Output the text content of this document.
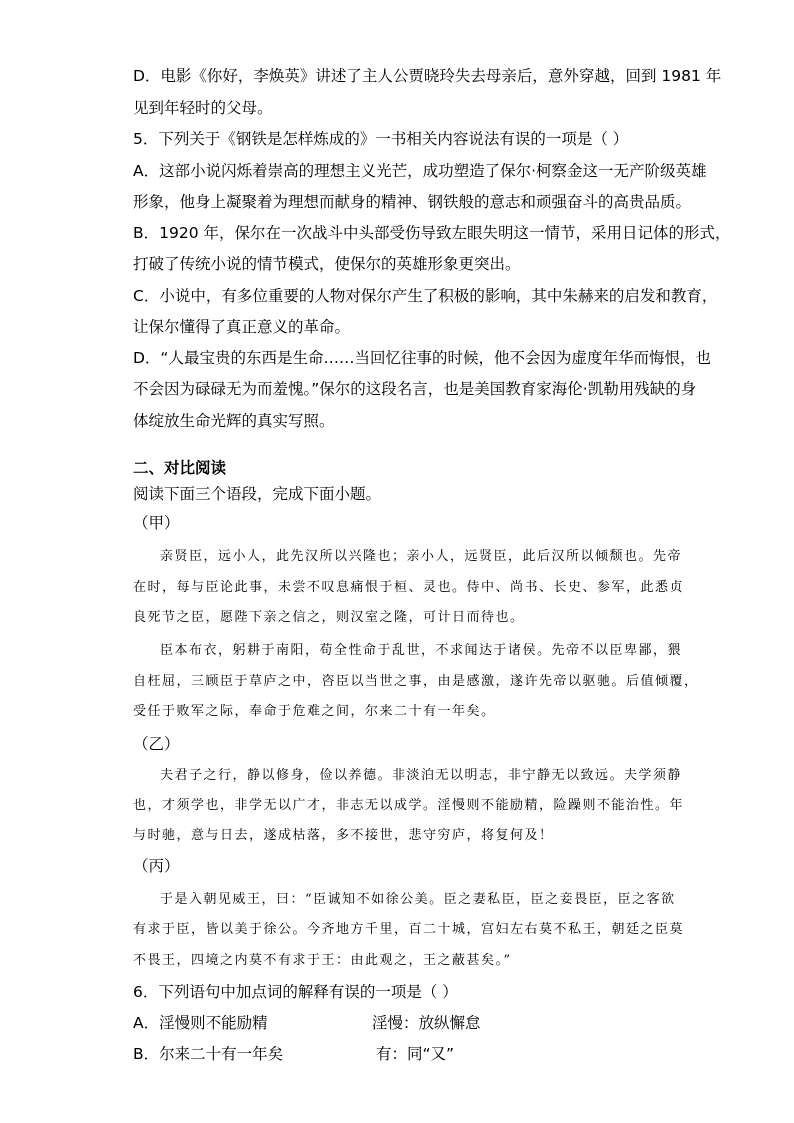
D．电影《你好，李焕英》讲述了主人公贾晓玲失去母亲后，意外穿越，回到 1981 年
见到年轻时的父母。
5．下列关于《钢铁是怎样炼成的》一书相关内容说法有误的一项是（ ）
A．这部小说闪烁着崇高的理想主义光芒，成功塑造了保尔·柯察金这一无产阶级英雄
形象，他身上凝聚着为理想而献身的精神、钢铁般的意志和顽强奋斗的高贵品质。
B．1920 年，保尔在一次战斗中头部受伤导致左眼失明这一情节，采用日记体的形式，
打破了传统小说的情节模式，使保尔的英雄形象更突出。
C．小说中，有多位重要的人物对保尔产生了积极的影响，其中朱赫来的启发和教育，
让保尔懂得了真正意义的革命。
D．“人最宝贵的东西是生命……当回忆往事的时候，他不会因为虚度年华而悔恨，也
不会因为碌碌无为而羞愧。”保尔的这段名言，也是美国教育家海伦·凯勒用残缺的身
体绽放生命光辉的真实写照。
二、对比阅读
阅读下面三个语段，完成下面小题。
（甲）
亲贤臣，远小人，此先汉所以兴隆也；亲小人，远贤臣，此后汉所以倾颓也。先帝
在时，每与臣论此事，未尝不叹息痛恨于桓、灵也。侍中、尚书、长史、参军，此悉贞
良死节之臣，愿陛下亲之信之，则汉室之隆，可计日而待也。
臣本布衣，躬耕于南阳，苟全性命于乱世，不求闻达于诸侯。先帝不以臣卑鄙，猥
自枉屈，三顾臣于草庐之中，咨臣以当世之事，由是感激，遂许先帝以驱驰。后值倾覆，
受任于败军之际，奉命于危难之间，尔来二十有一年矣。
（乙）
夫君子之行，静以修身，俭以养德。非淡泊无以明志，非宁静无以致远。夫学须静
也，才须学也，非学无以广才，非志无以成学。淫慢则不能励精，险躁则不能治性。年
与时驰，意与日去，遂成枯落，多不接世，悲守穷庐，将复何及！
（丙）
于是入朝见威王，曰：“臣诚知不如徐公美。臣之妻私臣，臣之妾畏臣，臣之客欲
有求于臣，皆以美于徐公。今齐地方千里，百二十城，宫妇左右莫不私王，朝廷之臣莫
不畏王，四境之内莫不有求于王：由此观之，王之蔽甚矣。”
6．下列语句中加点词的解释有误的一项是（ ）
A．淫慢则不能励精	淫慢：放纵懈怠
B．尔来二十有一年矣	有：同“又”
